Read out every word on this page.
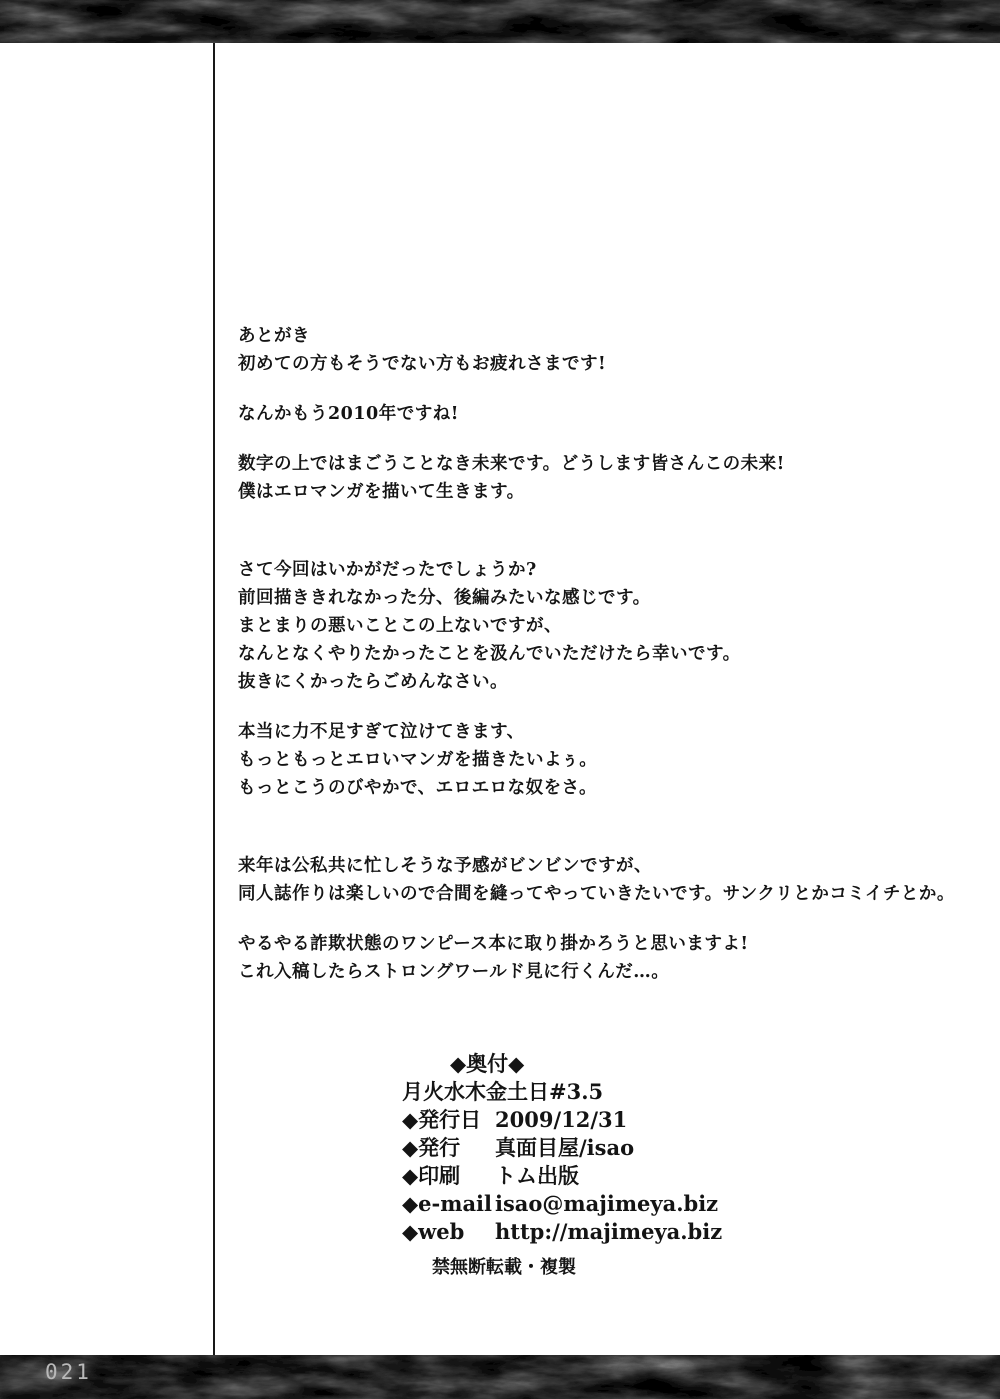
あとがき
初めての方もそうでない方もお疲れさまです!
なんかもう2010年ですね!
数字の上ではまごうことなき未来です。どうします皆さんこの未来!
僕はエロマンガを描いて生きます。
さて今回はいかがだったでしょうか?
前回描ききれなかった分、後編みたいな感じです。
まとまりの悪いことこの上ないですが、
なんとなくやりたかったことを汲んでいただけたら幸いです。
抜きにくかったらごめんなさい。
本当に力不足すぎて泣けてきます、
もっともっとエロいマンガを描きたいよぅ。
もっとこうのびやかで、エロエロな奴をさ。
来年は公私共に忙しそうな予感がビンビンですが、
同人誌作りは楽しいので合間を縫ってやっていきたいです。サンクリとかコミイチとか。
やるやる詐欺状態のワンピース本に取り掛かろうと思いますよ!
これ入稿したらストロングワールド見に行くんだ…。
◆奥付◆
月火水木金土日#3.5
◆発行日 2009/12/31
◆発行 真面目屋/isao
◆印刷 トム出版
◆e-mail isao@majimeya.biz
◆web http://majimeya.biz
禁無断転載・複製
021
